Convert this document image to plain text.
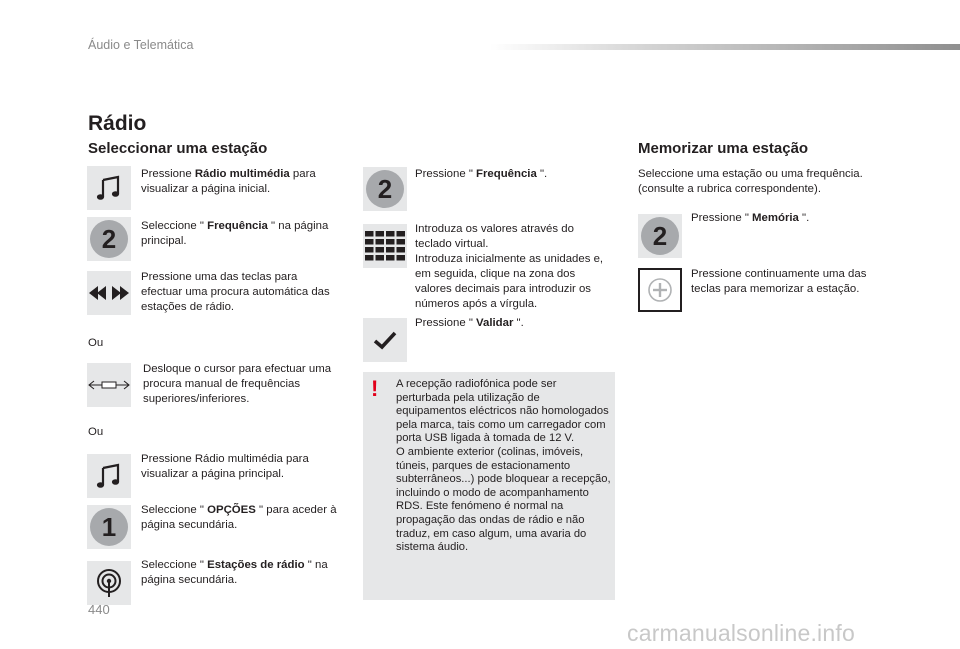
Áudio e Telemática
Rádio
Seleccionar uma estação
Pressione Rádio multimédia para visualizar a página inicial.
2 Seleccione " Frequência " na página principal.
Pressione uma das teclas para efectuar uma procura automática das estações de rádio.
Ou
Desloque o cursor para efectuar uma procura manual de frequências superiores/inferiores.
Ou
Pressione Rádio multimédia para visualizar a página principal.
1
Seleccione " OPÇÕES " para aceder à página secundária.
Seleccione " Estações de rádio " na página secundária.
2 Pressione " Frequência ".
Introduza os valores através do teclado virtual.
Introduza inicialmente as unidades e, em seguida, clique na zona dos valores decimais para introduzir os números após a vírgula.
Pressione " Validar ".
! A recepção radiofónica pode ser perturbada pela utilização de equipamentos eléctricos não homologados pela marca, tais como um carregador com porta USB ligada à tomada de 12 V.
O ambiente exterior (colinas, imóveis, túneis, parques de estacionamento subterrâneos...) pode bloquear a recepção, incluindo o modo de acompanhamento RDS. Este fenómeno é normal na propagação das ondas de rádio e não traduz, em caso algum, uma avaria do sistema áudio.
Memorizar uma estação
Seleccione uma estação ou uma frequência. (consulte a rubrica correspondente).
2
Pressione " Memória ".
Pressione continuamente uma das teclas para memorizar a estação.
440
carmanualsonline.info
